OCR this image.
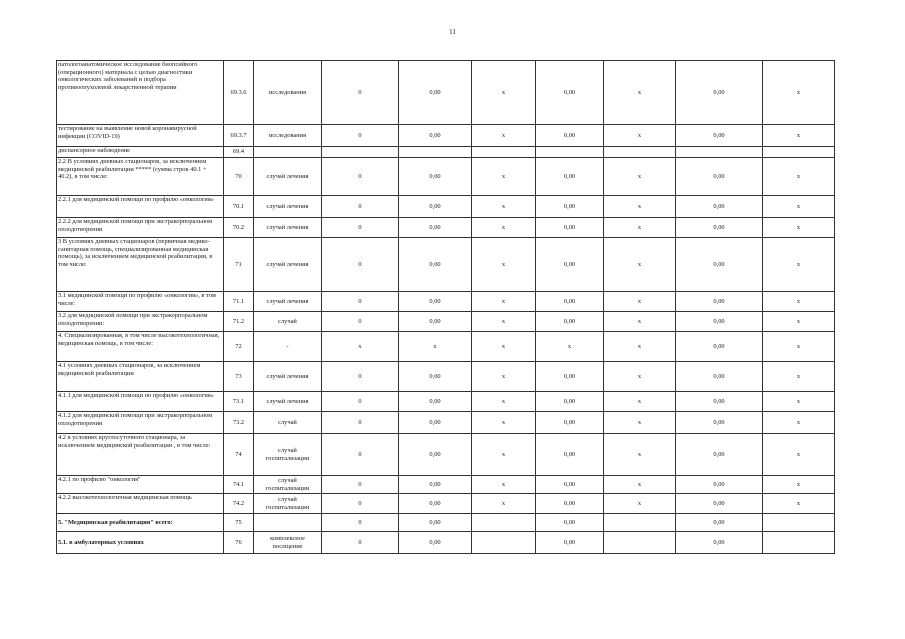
11
патологоанатомическое исследование биопсийного (операционного) материала с целью диагностики онкологических заболеваний и подбора противоопухолевой лекарственной терапии	69.3.6	исследования	0	0,00	х	0,00	х	0,00	х
тестирование на выявление новой коронавирусной инфекции (COVID-19)	69.3.7	исследования	0	0,00	х	0,00	х	0,00	х
диспансерное наблюдение	69.4								
2.2 В условиях дневных стационаров, за исключением медицинской реабилитации ***** (сумма строк 40.1 + 40.2), в том числе:	70	случай лечения	0	0,00	х	0,00	х	0,00	х
2.2.1 для медицинской помощи по профилю «онкология»	70.1	случай лечения	0	0,00	х	0,00	х	0,00	х
2.2.2 для медицинской помощи при экстракорпоральном оплодотворении	70.2	случай лечения	0	0,00	х	0,00	х	0,00	х
3 В условиях дневных стационаров (первичная медико-санитарная помощь, специализированная медицинская помощь), за исключением медицинской реабилитации, в том числе:	71	случай лечения	0	0,00	х	0,00	х	0,00	х
3.1 медицинской помощи по профилю «онкология», в том числе:	71.1	случай лечения	0	0,00	х	0,00	х	0,00	х
3.2 для медицинской помощи при экстракорпоральном оплодотворении:	71.2	случай	0	0,00	х	0,00	х	0,00	х
4. Специализированная, в том числе высокотехнологичная, медицинская помощь, в том числе:	72	-	х	х	х	х	х	0,00	х
4.1 условиях дневных стационаров, за исключением медицинской реабилитации	73	случай лечения	0	0,00	х	0,00	х	0,00	х
4.1.1 для медицинской помощи по профилю «онкология»	73.1	случай лечения	0	0,00	х	0,00	х	0,00	х
4.1.2 для медицинской помощи при экстракорпоральном оплодотворении	73.2	случай	0	0,00	х	0,00	х	0,00	х
4.2 в условиях круглосуточного стационара, за исключением медицинской реабилитации , в том числе:	74	случай госпитализации	0	0,00	х	0,00	х	0,00	х
4.2.1 по профилю "онкология"	74.1	случай госпитализации	0	0,00	х	0,00	х	0,00	х
4.2.2 высокотехнологичная медицинская помощь	74.2	случай госпитализации	0	0,00	х	0,00	х	0,00	х
5. "Медицинская реабилитация" всего:	75		0	0,00		0,00		0,00	
5.1. в амбулаторных условиях	76	комплексное посещение	0	0,00		0,00		0,00	
